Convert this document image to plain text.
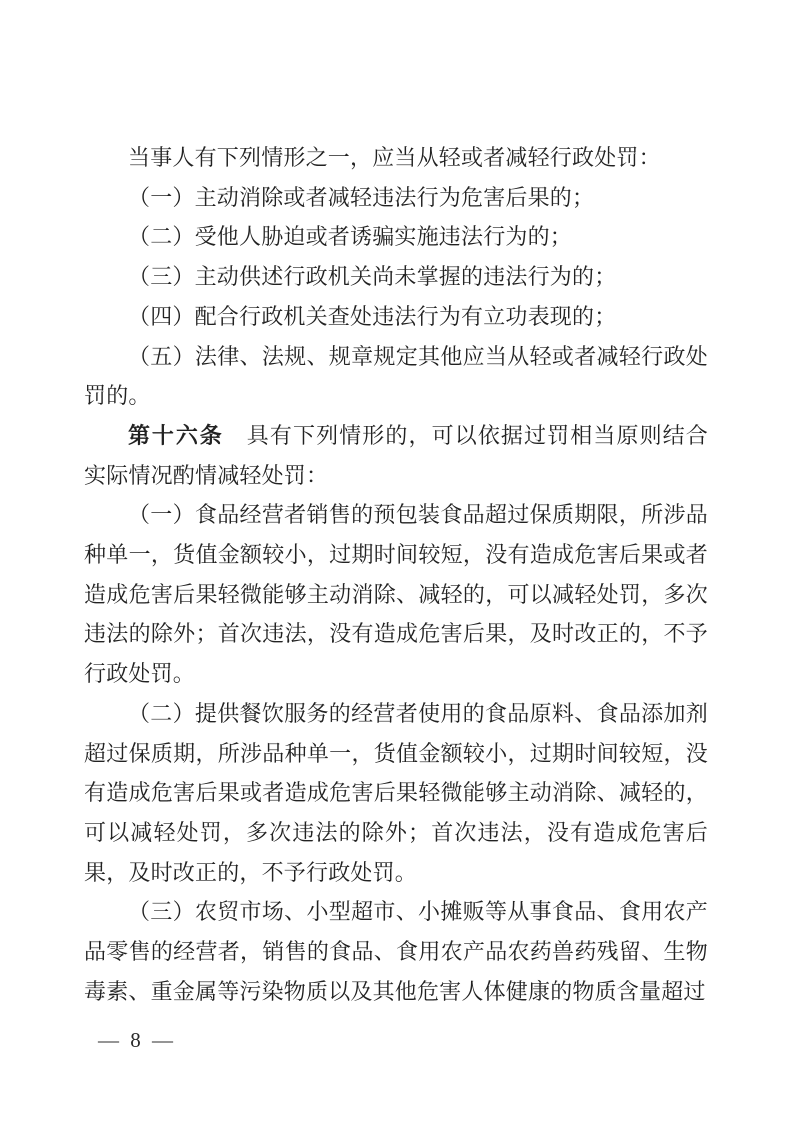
当事人有下列情形之一，应当从轻或者减轻行政处罚：

（一）主动消除或者减轻违法行为危害后果的；

（二）受他人胁迫或者诱骗实施违法行为的；

（三）主动供述行政机关尚未掌握的违法行为的；

（四）配合行政机关查处违法行为有立功表现的；

（五）法律、法规、规章规定其他应当从轻或者减轻行政处罚的。

第十六条　具有下列情形的，可以依据过罚相当原则结合实际情况酌情减轻处罚：

（一）食品经营者销售的预包装食品超过保质期限，所涉品种单一，货值金额较小，过期时间较短，没有造成危害后果或者造成危害后果轻微能够主动消除、减轻的，可以减轻处罚，多次违法的除外；首次违法，没有造成危害后果，及时改正的，不予行政处罚。

（二）提供餐饮服务的经营者使用的食品原料、食品添加剂超过保质期，所涉品种单一，货值金额较小，过期时间较短，没有造成危害后果或者造成危害后果轻微能够主动消除、减轻的，可以减轻处罚，多次违法的除外；首次违法，没有造成危害后果，及时改正的，不予行政处罚。

（三）农贸市场、小型超市、小摊贩等从事食品、食用农产品零售的经营者，销售的食品、食用农产品农药兽药残留、生物毒素、重金属等污染物质以及其他危害人体健康的物质含量超过

— 8 —
